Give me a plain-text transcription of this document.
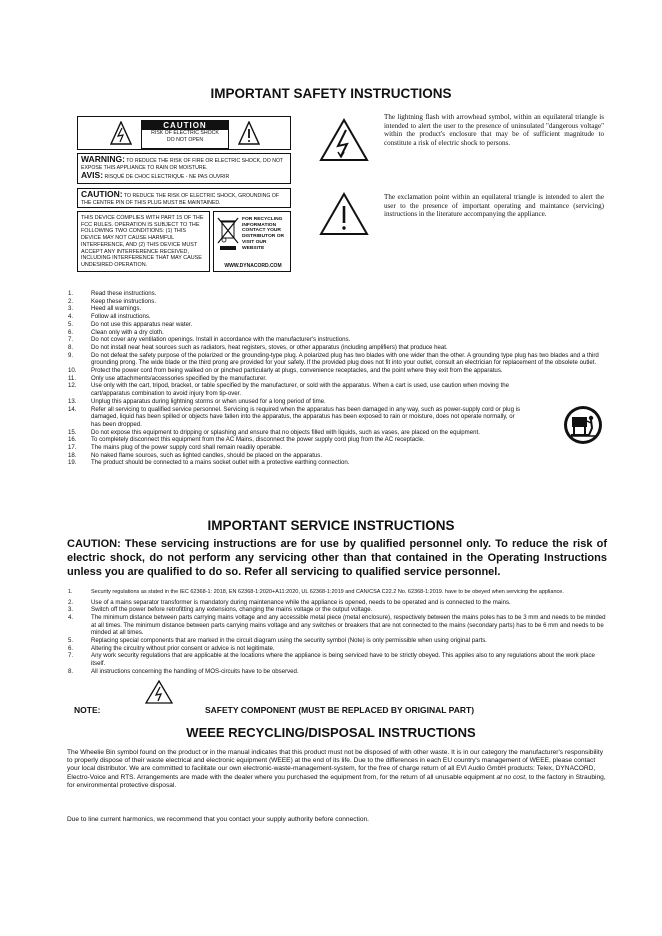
IMPORTANT SAFETY INSTRUCTIONS
CAUTION
RISK OF ELECTRIC SHOCK
DO NOT OPEN
WARNING: TO REDUCE THE RISK OF FIRE OR ELECTRIC SHOCK, DO NOT EXPOSE THIS APPLIANCE TO RAIN OR MOISTURE.
AVIS: RISQUÉ DE CHOC ELECTRIQUE - NE PAS OUVRIR
CAUTION: TO REDUCE THE RISK OF ELECTRIC SHOCK, GROUNDING OF THE CENTRE PIN OF THIS PLUG MUST BE MAINTAINED.
THIS DEVICE COMPLIES WITH PART 15 OF THE FCC RULES. OPERATION IS SUBJECT TO THE FOLLOWING TWO CONDITIONS: (1) THIS DEVICE MAY NOT CAUSE HARMFUL INTERFERENCE, AND (2) THIS DEVICE MUST ACCEPT ANY INTERFERENCE RECEIVED, INCLUDING INTERFERENCE THAT MAY CAUSE UNDESIRED OPERATION.
FOR RECYCLING INFORMATION CONTACT YOUR DISTRIBUTOR OR VISIT OUR WEBSITE
WWW.DYNACORD.COM
The lightning flash with arrowhead symbol, within an equilateral triangle is intended to alert the user to the presence of uninsulated "dangerous voltage" within the product's enclosure that may be of sufficient magnitude to constitute a risk of electric shock to persons.
The exclamation point within an equilateral triangle is intended to alert the user to the presence of important operating and maintance (servicing) instructions in the literature accompanying the appliance.
1.	Read these instructions.
2.	Keep these instructions.
3.	Heed all warnings.
4.	Follow all instructions.
5.	Do not use this apparatus near water.
6.	Clean only with a dry cloth.
7.	Do not cover any ventilation openings. Install in accordance with the manufacturer's instructions.
8.	Do not install near heat sources such as radiators, heat registers, stoves, or other apparatus (including amplifiers) that produce heat.
9.	Do not defeat the safety purpose of the polarized or the grounding-type plug. A polarized plug has two blades with one wider than the other. A grounding type plug has two blades and a third grounding prong. The wide blade or the third prong are provided for your safety. If the provided plug does not fit into your outlet, consult an electrician for replacement of the obsolete outlet.
10. Protect the power cord from being walked on or pinched particularly at plugs, convenience receptacles, and the point where they exit from the apparatus.
11. Only use attachments/accessories specified by the manufacturer.
12. Use only with the cart, tripod, bracket, or table specified by the manufacturer, or sold with the apparatus. When a cart is used, use caution when moving the cart/apparatus combination to avoid injury from tip-over.
13. Unplug this apparatus during lightning storms or when unused for a long period of time.
14. Refer all servicing to qualified service personnel. Servicing is required when the apparatus has been damaged in any way, such as power-supply cord or plug is damaged, liquid has been spilled or objects have fallen into the apparatus, the apparatus has been exposed to rain or moisture, does not operate normally, or has been dropped.
15. Do not expose this equipment to dripping or splashing and ensure that no objects filled with liquids, such as vases, are placed on the equipment.
16. To completely disconnect this equipment from the AC Mains, disconnect the power supply cord plug from the AC receptacle.
17. The mains plug of the power supply cord shall remain readily operable.
18. No naked flame sources, such as lighted candles, should be placed on the apparatus.
19. The product should be connected to a mains socket outlet with a protective earthing connection.
IMPORTANT SERVICE INSTRUCTIONS
CAUTION: These servicing instructions are for use by qualified personnel only. To reduce the risk of electric shock, do not perform any servicing other than that contained in the Operating Instructions unless you are qualified to do so. Refer all servicing to qualified service personnel.
1.	Security regulations as stated in the IEC 62368-1: 2018, EN 62368-1:2020+A11:2020, UL 62368-1:2019 and CAN/CSA C22.2 No. 62368-1:2019. have to be obeyed when servicing the appliance.
2.	Use of a mains separator transformer is mandatory during maintenance while the appliance is opened, needs to be operated and is connected to the mains.
3.	Switch off the power before retrofitting any extensions, changing the mains voltage or the output voltage.
4.	The minimum distance between parts carrying mains voltage and any accessible metal piece (metal enclosure), respectively between the mains poles has to be 3 mm and needs to be minded at all times. The minimum distance between parts carrying mains voltage and any switches or breakers that are not connected to the mains (secondary parts) has to be 6 mm and needs to be minded at all times.
5.	Replacing special components that are marked in the circuit diagram using the security symbol (Note) is only permissible when using original parts.
6.	Altering the circuitry without prior consent or advice is not legitimate.
7.	Any work security regulations that are applicable at the locations where the appliance is being serviced have to be strictly obeyed. This applies also to any regulations about the work place itself.
8.	All instructions concerning the handling of MOS-circuits have to be observed.
NOTE:	SAFETY COMPONENT (MUST BE REPLACED BY ORIGINAL PART)
WEEE RECYCLING/DISPOSAL INSTRUCTIONS
The Wheelie Bin symbol found on the product or in the manual indicates that this product must not be disposed of with other waste. It is in our category the manufacturer's responsibility to properly dispose of their waste electrical and electronic equipment (WEEE) at the end of its life. Due to the differences in each EU country's management of WEEE, please contact your local distributor. We are committed to facilitate our own electronic-waste-management-system, for the free of charge return of all EVI Audio GmbH products: Telex, DYNACORD, Electro-Voice and RTS. Arrangements are made with the dealer where you purchased the equipment from, for the return of all unusable equipment at no cost, to the factory in Straubing, for environmental protective disposal.
Due to line current harmonics, we recommend that you contact your supply authority before connection.
